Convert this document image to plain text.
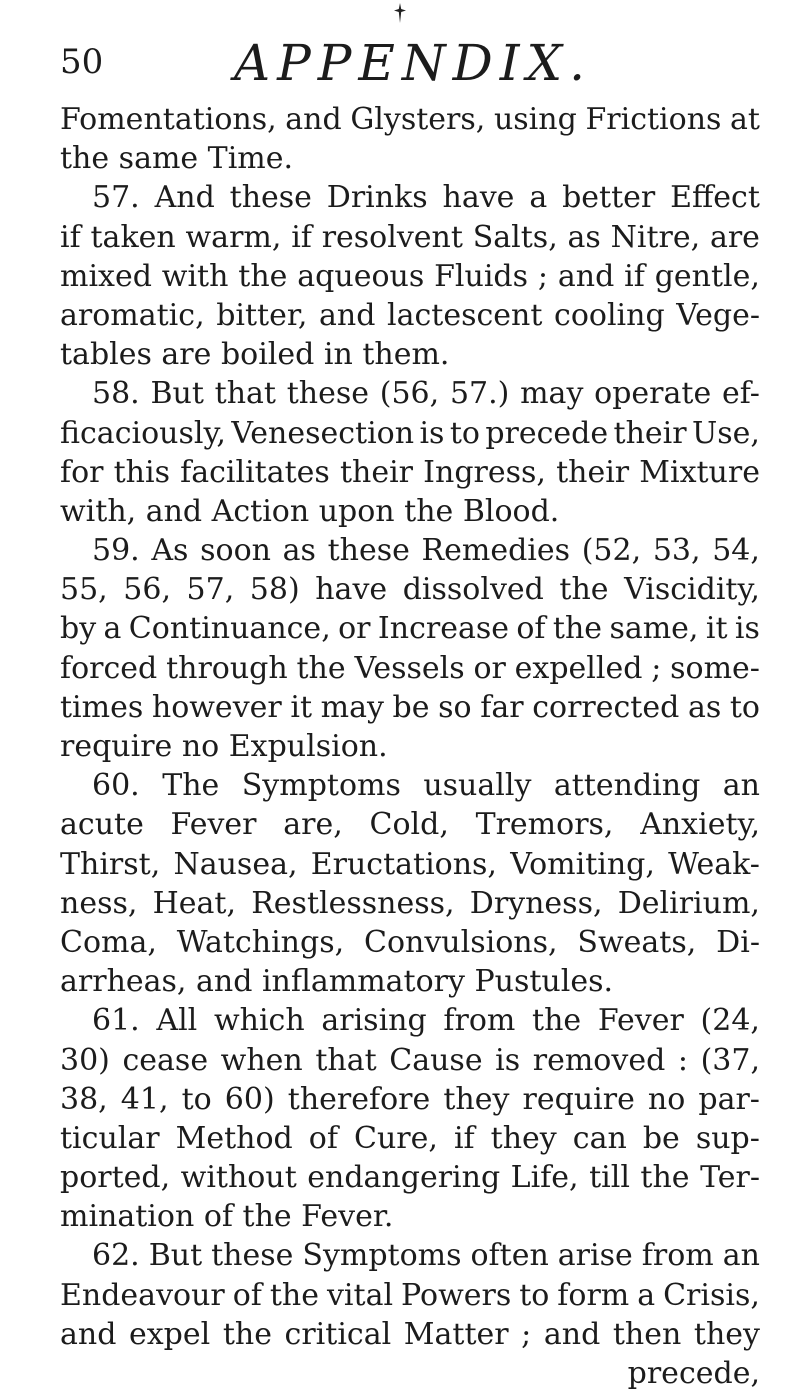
50	APPENDIX.
Fomentations, and Glysters, using Frictions at
the same Time.
57. And these Drinks have a better Effect
if taken warm, if resolvent Salts, as Nitre, are
mixed with the aqueous Fluids ; and if gentle,
aromatic, bitter, and lactescent cooling Vege-
tables are boiled in them.
58. But that these (56, 57.) may operate ef-
ficaciously, Venesection is to precede their Use,
for this facilitates their Ingress, their Mixture
with, and Action upon the Blood.
59. As soon as these Remedies (52, 53, 54,
55, 56, 57, 58) have dissolved the Viscidity,
by a Continuance, or Increase of the same, it is
forced through the Vessels or expelled ; some-
times however it may be so far corrected as to
require no Expulsion.
60. The Symptoms usually attending an
acute Fever are, Cold, Tremors, Anxiety,
Thirst, Nausea, Eructations, Vomiting, Weak-
ness, Heat, Restlessness, Dryness, Delirium,
Coma, Watchings, Convulsions, Sweats, Di-
arrheas, and inflammatory Pustules.
61. All which arising from the Fever (24,
30) cease when that Cause is removed : (37,
38, 41, to 60) therefore they require no par-
ticular Method of Cure, if they can be sup-
ported, without endangering Life, till the Ter-
mination of the Fever.
62. But these Symptoms often arise from an
Endeavour of the vital Powers to form a Crisis,
and expel the critical Matter ; and then they
precede,
